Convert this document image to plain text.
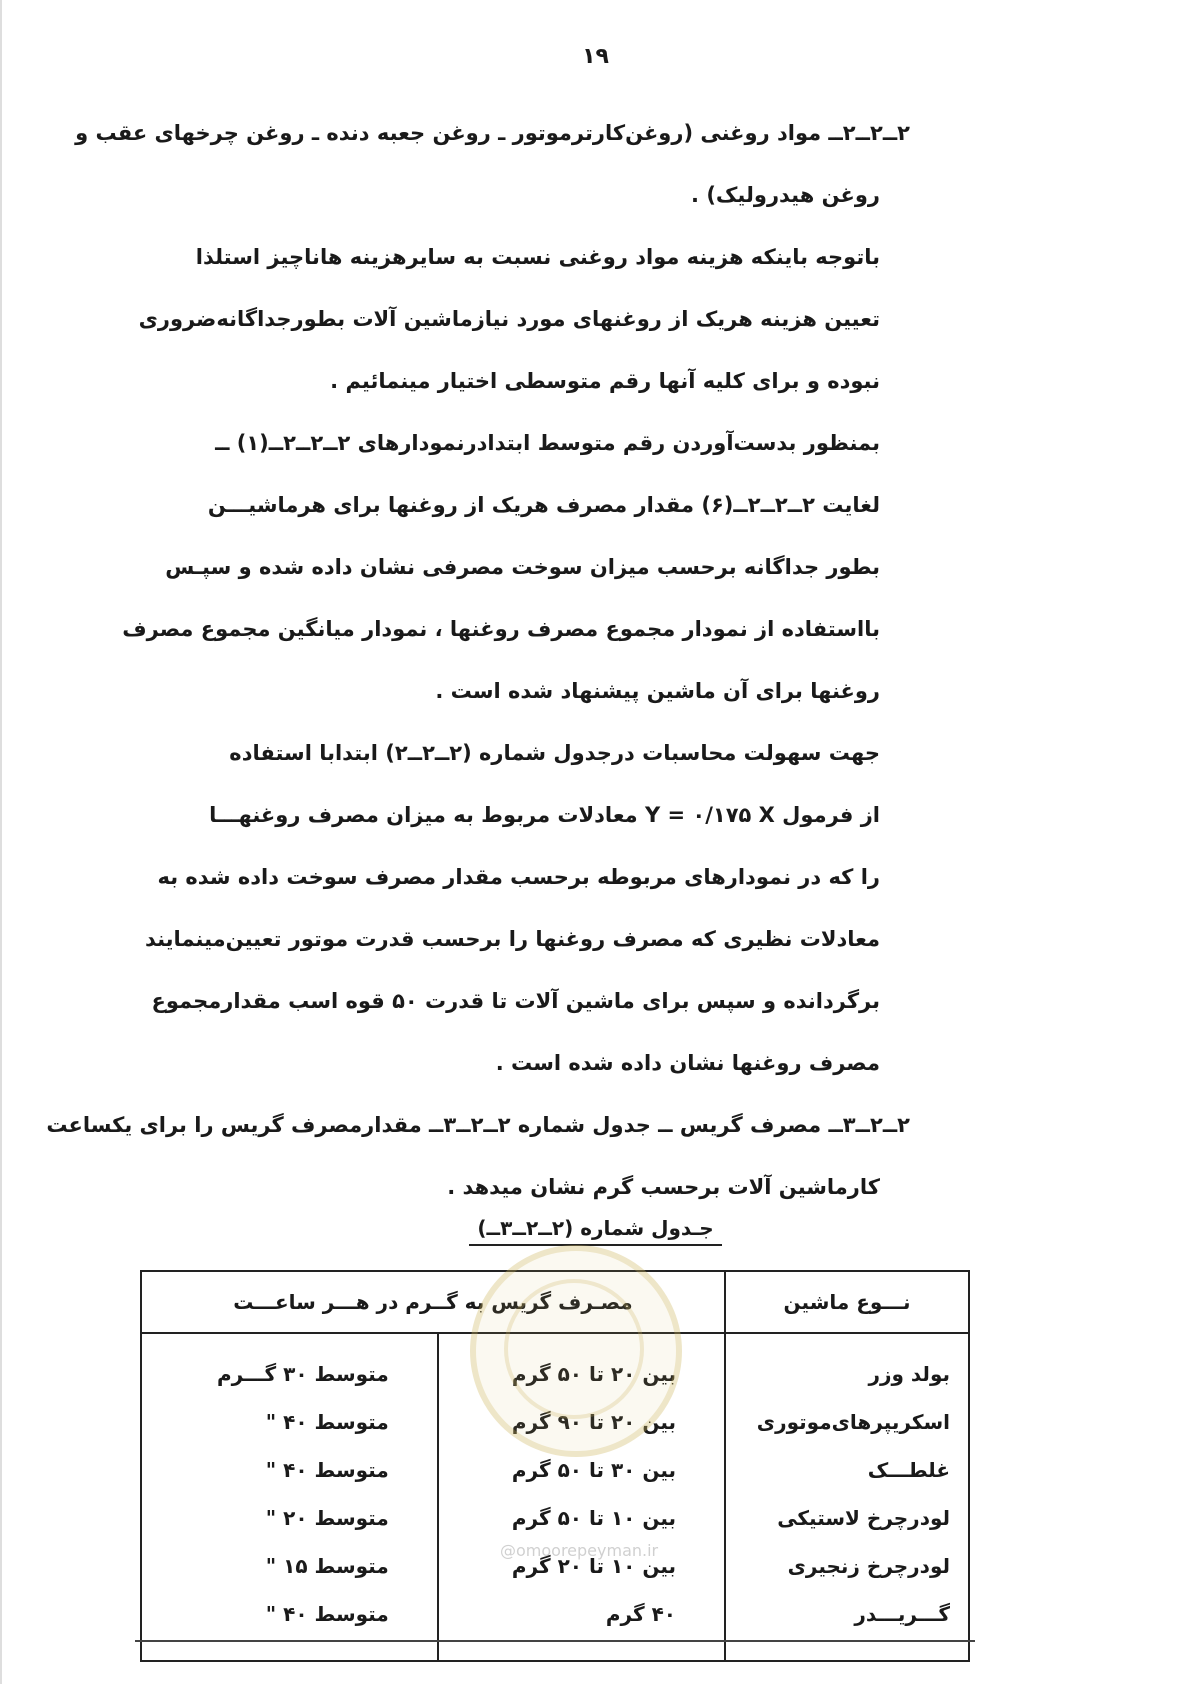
۱۹

۲ــ۲ــ۲ــ مواد روغنی (روغن‌کارترموتور ـ روغن جعبه دنده ـ روغن چرخهای عقب و

روغن هیدرولیک) .

باتوجه باینکه هزینه مواد روغنی نسبت به سایرهزینه هاناچیز استلذا

تعیین هزینه هریک از روغنهای مورد نیازماشین آلات بطورجداگانه‌ضروری

نبوده و برای کلیه آنها رقم متوسطی اختیار مینمائیم .

بمنظور بدست‌آوردن رقم متوسط ابتدادرنمودارهای ۲ــ۲ــ۲ــ(۱) ــ

لغایت ۲ــ۲ــ۲ــ(۶) مقدار مصرف هریک از روغنها برای هرماشیـــن

بطور جداگانه برحسب میزان سوخت مصرفی نشان داده شده و سپـس

بااستفاده از نمودار مجموع مصرف روغنها ، نمودار میانگین مجموع مصرف

روغنها برای آن ماشین پیشنهاد شده است .

جهت سهولت محاسبات درجدول شماره (۲ــ۲ــ۲) ابتدابا استفاده

از فرمول Y = ۰/۱۷۵ X معادلات مربوط به میزان مصرف روغنهـــا

را که در نمودارهای مربوطه برحسب مقدار مصرف سوخت داده شده به

معادلات نظیری که مصرف روغنها را برحسب قدرت موتور تعیین‌مینمایند

برگردانده و سپس برای ماشین آلات تا قدرت ۵۰ قوه اسب مقدارمجموع

مصرف روغنها نشان داده شده است .

۲ــ۲ــ۳ــ مصرف گریس ــ جدول شماره ۲ــ۲ــ۳ــ مقدارمصرف گریس را برای یکساعت

کارماشین آلات برحسب گرم نشان میدهد .

جـدول شماره (۲ــ۲ــ۳ــ)
نـــوع ماشین	مصـرف گریس به گــرم در هـــر ساعـــت	
بولد وزر	بین ۲۰ تا ۵۰ گرم	متوسط ۳۰ گـــرم
اسکریپرهای‌موتوری	بین ۲۰ تا ۹۰ گرم	متوسط ۴۰ "
غلطـــک	بین ۳۰ تا ۵۰ گرم	متوسط ۴۰ "
لودرچرخ لاستیکی	بین ۱۰ تا ۵۰ گرم	متوسط ۲۰ "
لودرچرخ زنجیری	بین ۱۰ تا ۲۰ گرم	متوسط ۱۵ "
گـــریـــدر	۴۰ گرم	متوسط ۴۰ "
@omoorepeyman.ir
